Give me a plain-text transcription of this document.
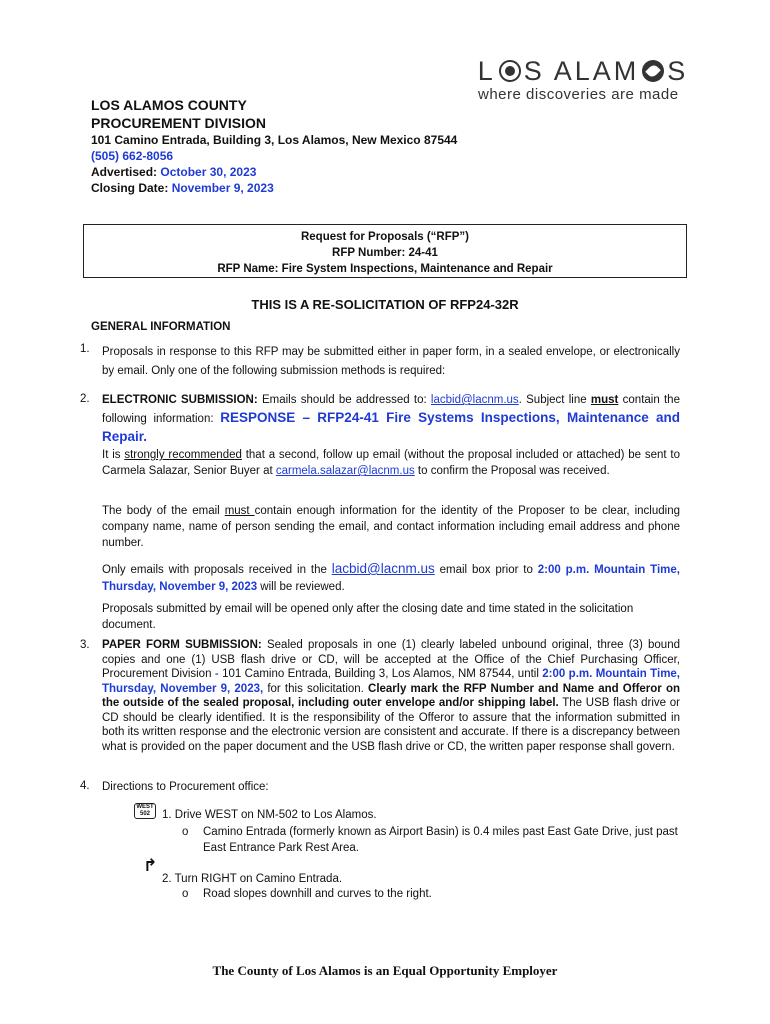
L S ALAM S
where discoveries are made
LOS ALAMOS COUNTY
PROCUREMENT DIVISION
101 Camino Entrada, Building 3, Los Alamos, New Mexico 87544
(505) 662-8056
Advertised: October 30, 2023
Closing Date: November 9, 2023
Request for Proposals (“RFP”)
RFP Number: 24-41
RFP Name: Fire System Inspections, Maintenance and Repair
THIS IS A RE-SOLICITATION OF RFP24-32R
GENERAL INFORMATION
1. Proposals in response to this RFP may be submitted either in paper form, in a sealed envelope, or electronically by email. Only one of the following submission methods is required:
2. ELECTRONIC SUBMISSION: Emails should be addressed to: lacbid@lacnm.us. Subject line must contain the following information: RESPONSE – RFP24-41 Fire Systems Inspections, Maintenance and Repair.
It is strongly recommended that a second, follow up email (without the proposal included or attached) be sent to Carmela Salazar, Senior Buyer at carmela.salazar@lacnm.us to confirm the Proposal was received.
The body of the email must contain enough information for the identity of the Proposer to be clear, including company name, name of person sending the email, and contact information including email address and phone number.
Only emails with proposals received in the lacbid@lacnm.us email box prior to 2:00 p.m. Mountain Time, Thursday, November 9, 2023 will be reviewed.
Proposals submitted by email will be opened only after the closing date and time stated in the solicitation document.
3. PAPER FORM SUBMISSION: Sealed proposals in one (1) clearly labeled unbound original, three (3) bound copies and one (1) USB flash drive or CD, will be accepted at the Office of the Chief Purchasing Officer, Procurement Division - 101 Camino Entrada, Building 3, Los Alamos, NM 87544, until 2:00 p.m. Mountain Time, Thursday, November 9, 2023, for this solicitation. Clearly mark the RFP Number and Name and Offeror on the outside of the sealed proposal, including outer envelope and/or shipping label. The USB flash drive or CD should be clearly identified. It is the responsibility of the Offeror to assure that the information submitted in both its written response and the electronic version are consistent and accurate. If there is a discrepancy between what is provided on the paper document and the USB flash drive or CD, the written paper response shall govern.
4. Directions to Procurement office:
WEST 502	1. Drive WEST on NM-502 to Los Alamos.
o Camino Entrada (formerly known as Airport Basin) is 0.4 miles past East Gate Drive, just past East Entrance Park Rest Area.
↱
2. Turn RIGHT on Camino Entrada.
o Road slopes downhill and curves to the right.
The County of Los Alamos is an Equal Opportunity Employer
